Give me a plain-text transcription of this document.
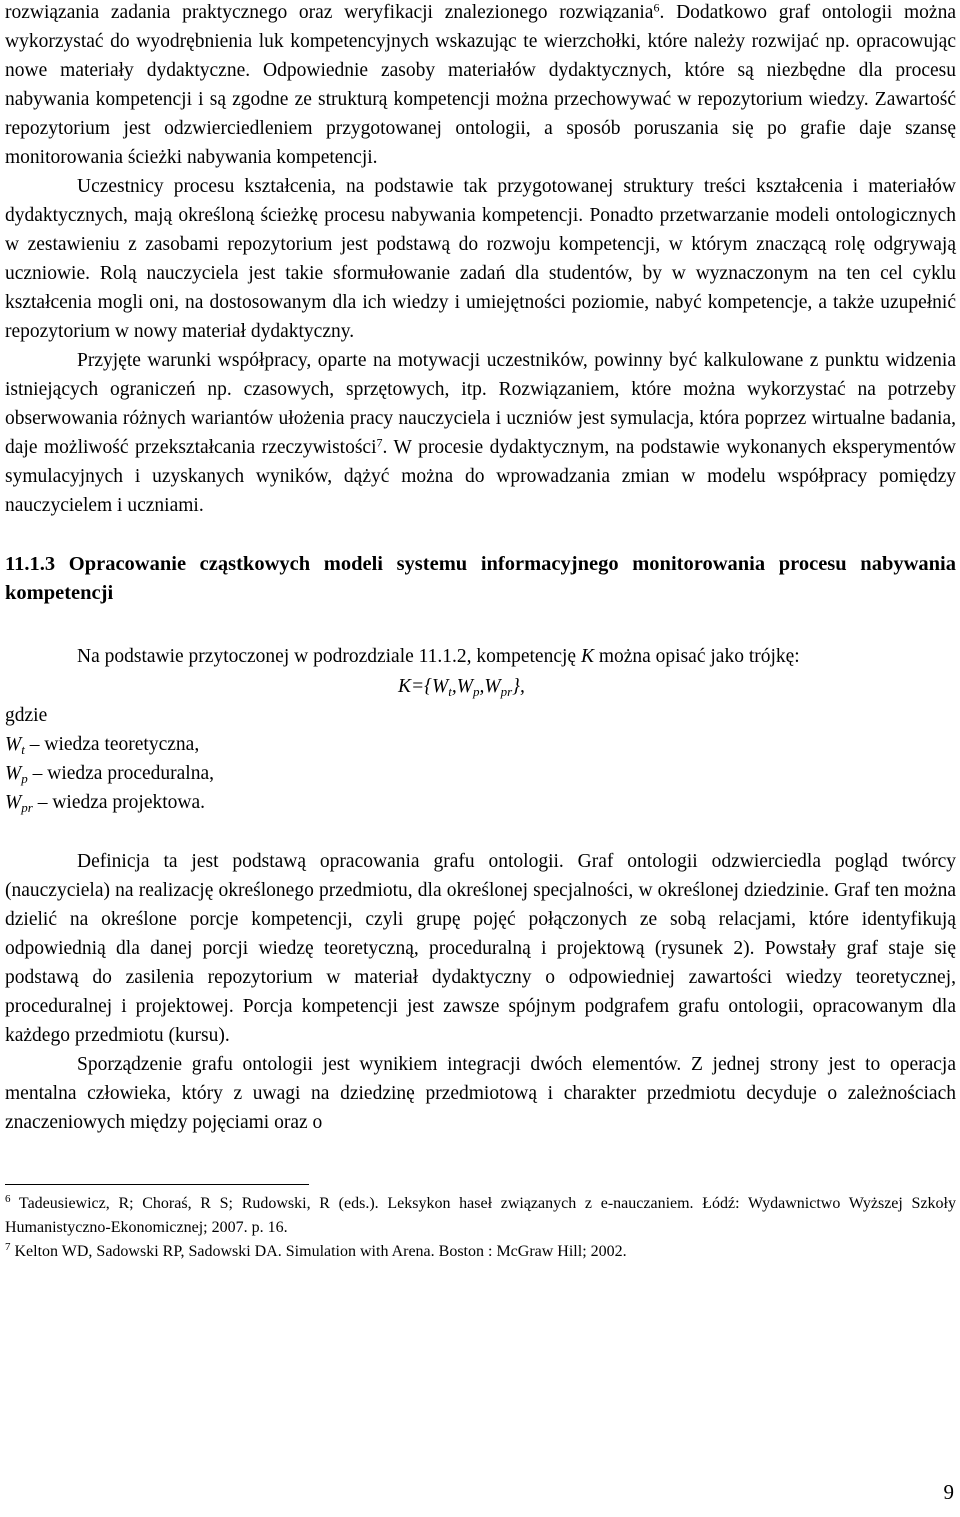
rozwiązania zadania praktycznego oraz weryfikacji znalezionego rozwiązania$^6$. Dodatkowo graf ontologii można wykorzystać do wyodrębnienia luk kompetencyjnych wskazując te wierzchołki, które należy rozwijać np. opracowując nowe materiały dydaktyczne. Odpowiednie zasoby materiałów dydaktycznych, które są niezbędne dla procesu nabywania kompetencji i są zgodne ze strukturą kompetencji można przechowywać w repozytorium wiedzy. Zawartość repozytorium jest odzwierciedleniem przygotowanej ontologii, a sposób poruszania się po grafie daje szansę monitorowania ścieżki nabywania kompetencji.

Uczestnicy procesu kształcenia, na podstawie tak przygotowanej struktury treści kształcenia i materiałów dydaktycznych, mają określoną ścieżkę procesu nabywania kompetencji. Ponadto przetwarzanie modeli ontologicznych w zestawieniu z zasobami repozytorium jest podstawą do rozwoju kompetencji, w którym znaczącą rolę odgrywają uczniowie. Rolą nauczyciela jest takie sformułowanie zadań dla studentów, by w wyznaczonym na ten cel cyklu kształcenia mogli oni, na dostosowanym dla ich wiedzy i umiejętności poziomie, nabyć kompetencje, a także uzupełnić repozytorium w nowy materiał dydaktyczny.

Przyjęte warunki współpracy, oparte na motywacji uczestników, powinny być kalkulowane z punktu widzenia istniejących ograniczeń np. czasowych, sprzętowych, itp. Rozwiązaniem, które można wykorzystać na potrzeby obserwowania różnych wariantów ułożenia pracy nauczyciela i uczniów jest symulacja, która poprzez wirtualne badania, daje możliwość przekształcania rzeczywistości$^7$. W procesie dydaktycznym, na podstawie wykonanych eksperymentów symulacyjnych i uzyskanych wyników, dążyć można do wprowadzania zmian w modelu współpracy pomiędzy nauczycielem i uczniami.

11.1.3 Opracowanie cząstkowych modeli systemu informacyjnego monitorowania procesu nabywania kompetencji

Na podstawie przytoczonej w podrozdziale 11.1.2, kompetencję K można opisać jako trójkę:

$K=\{W_t,W_p,W_{pr}\}$,

gdzie

$W_t$ – wiedza teoretyczna,

$W_p$ – wiedza proceduralna,

$W_{pr}$ – wiedza projektowa.

Definicja ta jest podstawą opracowania grafu ontologii. Graf ontologii odzwierciedla pogląd twórcy (nauczyciela) na realizację określonego przedmiotu, dla określonej specjalności, w określonej dziedzinie. Graf ten można dzielić na określone porcje kompetencji, czyli grupę pojęć połączonych ze sobą relacjami, które identyfikują odpowiednią dla danej porcji wiedzę teoretyczną, proceduralną i projektową (rysunek 2). Powstały graf staje się podstawą do zasilenia repozytorium w materiał dydaktyczny o odpowiedniej zawartości wiedzy teoretycznej, proceduralnej i projektowej. Porcja kompetencji jest zawsze spójnym podgrafem grafu ontologii, opracowanym dla każdego przedmiotu (kursu).

Sporządzenie grafu ontologii jest wynikiem integracji dwóch elementów. Z jednej strony jest to operacja mentalna człowieka, który z uwagi na dziedzinę przedmiotową i charakter przedmiotu decyduje o zależnościach znaczeniowych między pojęciami oraz o

$^6$ Tadeusiewicz, R; Choraś, R S; Rudowski, R (eds.). Leksykon haseł związanych z e-nauczaniem. Łódź: Wydawnictwo Wyższej Szkoły Humanistyczno-Ekonomicznej; 2007. p. 16.

$^7$ Kelton WD, Sadowski RP, Sadowski DA. Simulation with Arena. Boston : McGraw Hill; 2002.

9
